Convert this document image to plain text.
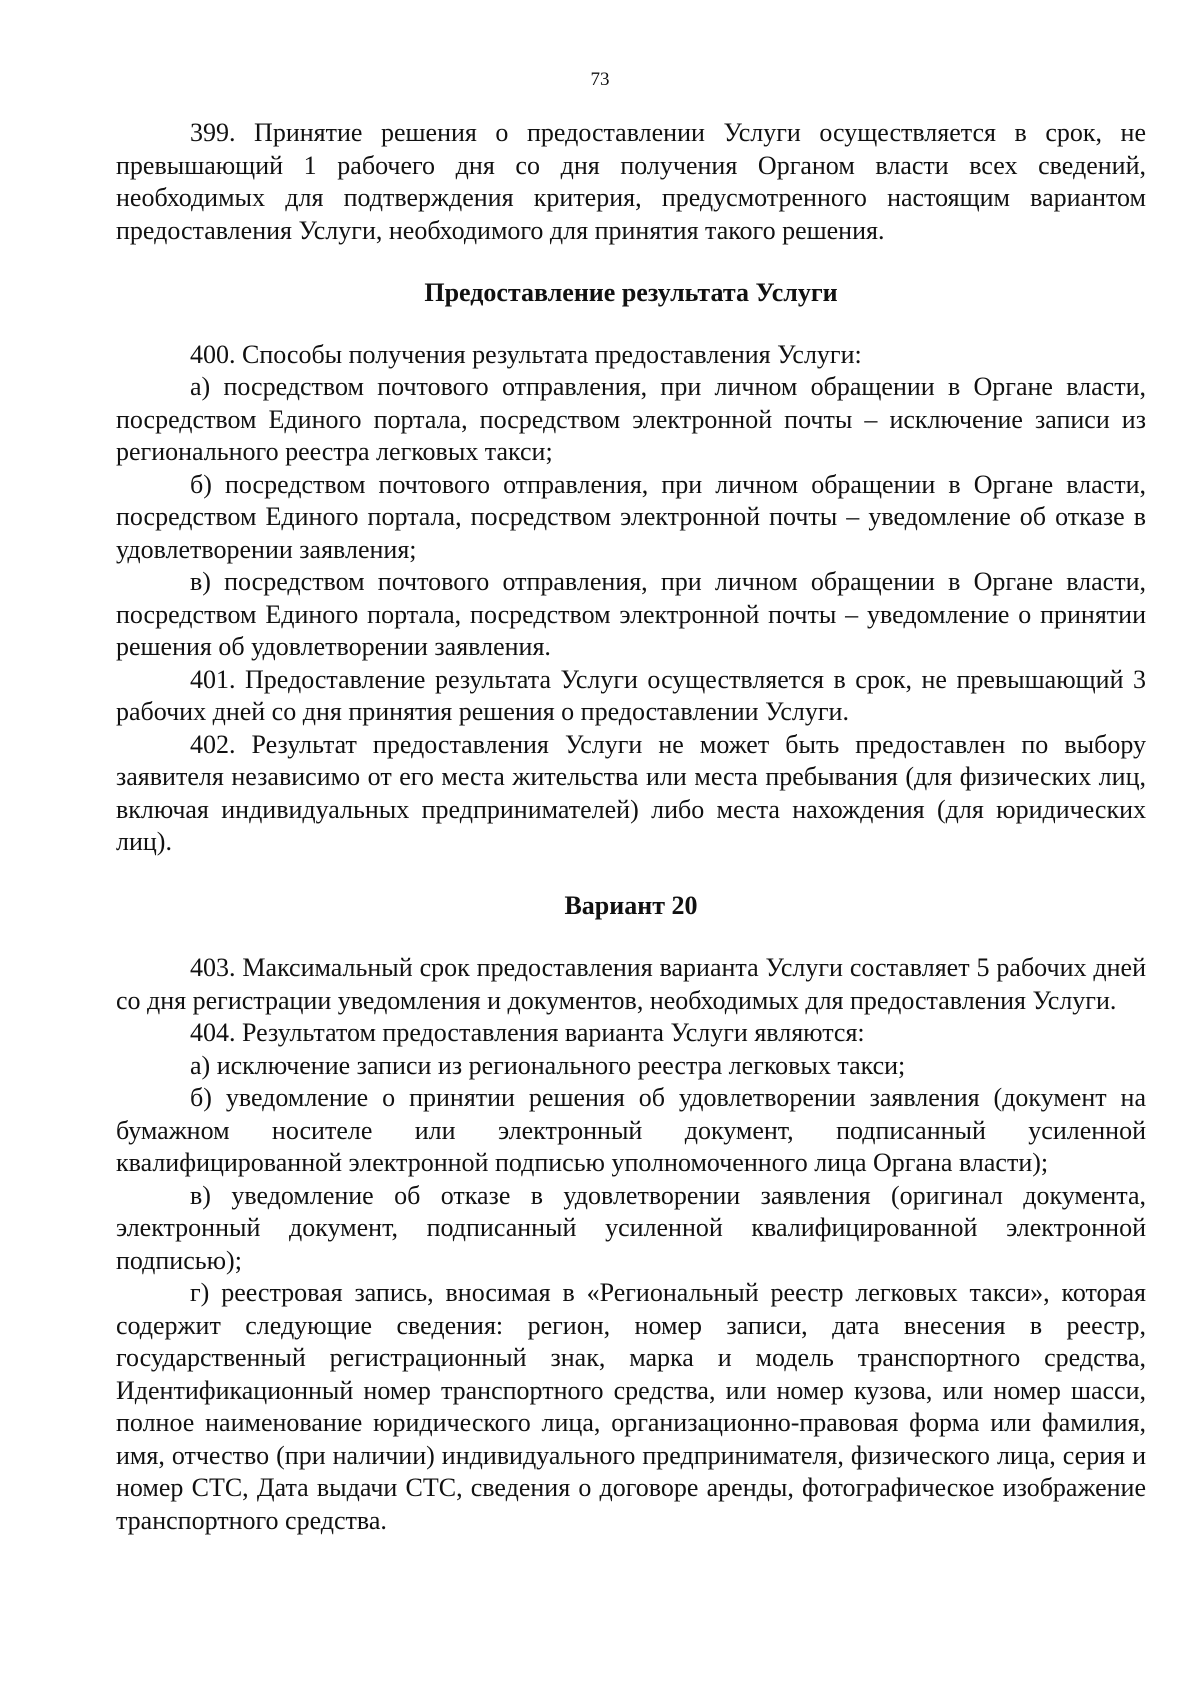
73

399. Принятие решения о предоставлении Услуги осуществляется в срок, не превышающий 1 рабочего дня со дня получения Органом власти всех сведений, необходимых для подтверждения критерия, предусмотренного настоящим вариантом предоставления Услуги, необходимого для принятия такого решения.

Предоставление результата Услуги

400. Способы получения результата предоставления Услуги:

а) посредством почтового отправления, при личном обращении в Органе власти, посредством Единого портала, посредством электронной почты – исключение записи из регионального реестра легковых такси;

б) посредством почтового отправления, при личном обращении в Органе власти, посредством Единого портала, посредством электронной почты – уведомление об отказе в удовлетворении заявления;

в) посредством почтового отправления, при личном обращении в Органе власти, посредством Единого портала, посредством электронной почты – уведомление о принятии решения об удовлетворении заявления.

401. Предоставление результата Услуги осуществляется в срок, не превышающий 3 рабочих дней со дня принятия решения о предоставлении Услуги.

402. Результат предоставления Услуги не может быть предоставлен по выбору заявителя независимо от его места жительства или места пребывания (для физических лиц, включая индивидуальных предпринимателей) либо места нахождения (для юридических лиц).

Вариант 20

403. Максимальный срок предоставления варианта Услуги составляет 5 рабочих дней со дня регистрации уведомления и документов, необходимых для предоставления Услуги.

404. Результатом предоставления варианта Услуги являются:

а) исключение записи из регионального реестра легковых такси;

б) уведомление о принятии решения об удовлетворении заявления (документ на бумажном носителе или электронный документ, подписанный усиленной квалифицированной электронной подписью уполномоченного лица Органа власти);

в) уведомление об отказе в удовлетворении заявления (оригинал документа, электронный документ, подписанный усиленной квалифицированной электронной подписью);

г) реестровая запись, вносимая в «Региональный реестр легковых такси», которая содержит следующие сведения: регион, номер записи, дата внесения в реестр, государственный регистрационный знак, марка и модель транспортного средства, Идентификационный номер транспортного средства, или номер кузова, или номер шасси, полное наименование юридического лица, организационно-правовая форма или фамилия, имя, отчество (при наличии) индивидуального предпринимателя, физического лица, серия и номер СТС, Дата выдачи СТС, сведения о договоре аренды, фотографическое изображение транспортного средства.
